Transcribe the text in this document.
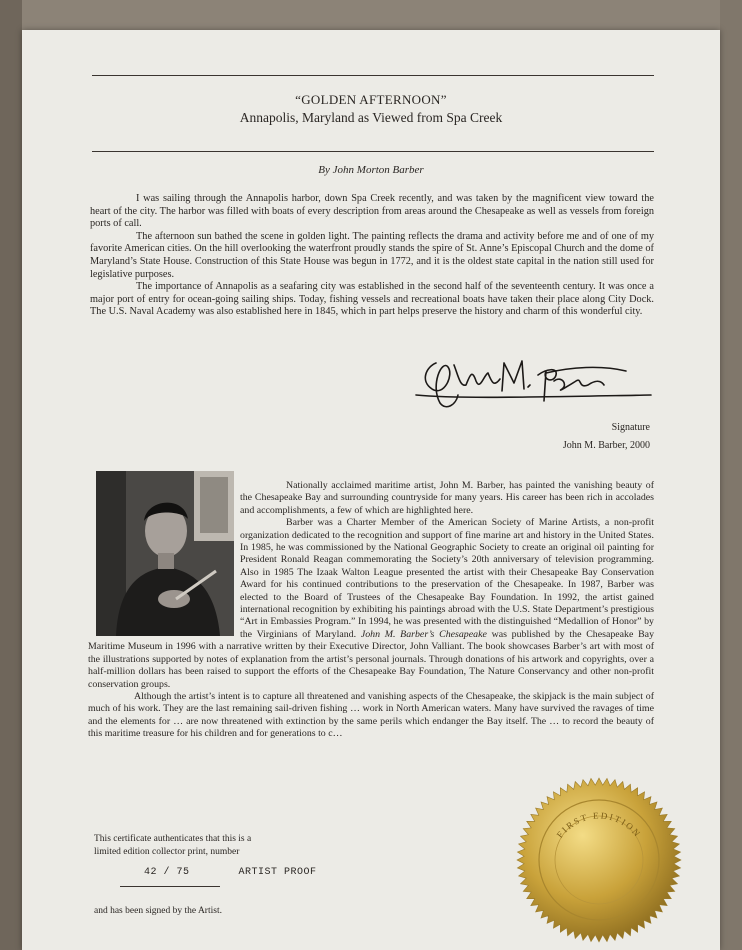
“GOLDEN AFTERNOON”
Annapolis, Maryland as Viewed from Spa Creek
By John Morton Barber

I was sailing through the Annapolis harbor, down Spa Creek recently, and was taken by the magnificent view toward the heart of the city. The harbor was filled with boats of every description from areas around the Chesapeake as well as vessels from foreign ports of call.

The afternoon sun bathed the scene in golden light. The painting reflects the drama and activity before me and of one of my favorite American cities. On the hill overlooking the waterfront proudly stands the spire of St. Anne’s Episcopal Church and the dome of Maryland’s State House. Construction of this State House was begun in 1772, and it is the oldest state capital in the nation still used for legislative purposes.

The importance of Annapolis as a seafaring city was established in the second half of the seventeenth century. It was once a major port of entry for ocean-going sailing ships. Today, fishing vessels and recreational boats have taken their place along City Dock. The U.S. Naval Academy was also established here in 1845, which in part helps preserve the history and charm of this wonderful city.

Signature
John M. Barber, 2000

Nationally acclaimed maritime artist, John M. Barber, has painted the vanishing beauty of the Chesapeake Bay and surrounding countryside for many years. His career has been rich in accolades and accomplishments, a few of which are highlighted here.

Barber was a Charter Member of the American Society of Marine Artists, a non-profit organization dedicated to the recognition and support of fine marine art and history in the United States. In 1985, he was commissioned by the National Geographic Society to create an original oil painting for President Ronald Reagan commemorating the Society’s 20th anniversary of television programming. Also in 1985 The Izaak Walton League presented the artist with their Chesapeake Bay Conservation Award for his continued contributions to the preservation of the Chesapeake. In 1987, Barber was elected to the Board of Trustees of the Chesapeake Bay Foundation. In 1992, the artist gained international recognition by exhibiting his paintings abroad with the U.S. State Department’s prestigious “Art in Embassies Program.” In 1994, he was presented with the distinguished “Medallion of Honor” by the Virginians of Maryland. John M. Barber’s Chesapeake was published by the Chesapeake Bay Maritime Museum in 1996 with a narrative written by their Executive Director, John Valliant. The book showcases Barber’s art with most of the illustrations supported by notes of explanation from the artist’s personal journals. Through donations of his artwork and copyrights, over a half-million dollars has been raised to support the efforts of the Chesapeake Bay Foundation, The Nature Conservancy and other non-profit conservation groups.

Although the artist’s intent is to capture all threatened and vanishing aspects of the Chesapeake, the skipjack is the main subject of much of his work. They are the last remaining sail-driven fishing … work in North American waters. Many have survived the ravages of time and the elements for … are now threatened with extinction by the same perils which endanger the Bay itself. The … to record the beauty of this maritime treasure for his children and for generations to c…

This certificate authenticates that this is a
limited edition collector print, number
42 / 75	ARTIST PROOF
and has been signed by the Artist.
FIRST EDITION
